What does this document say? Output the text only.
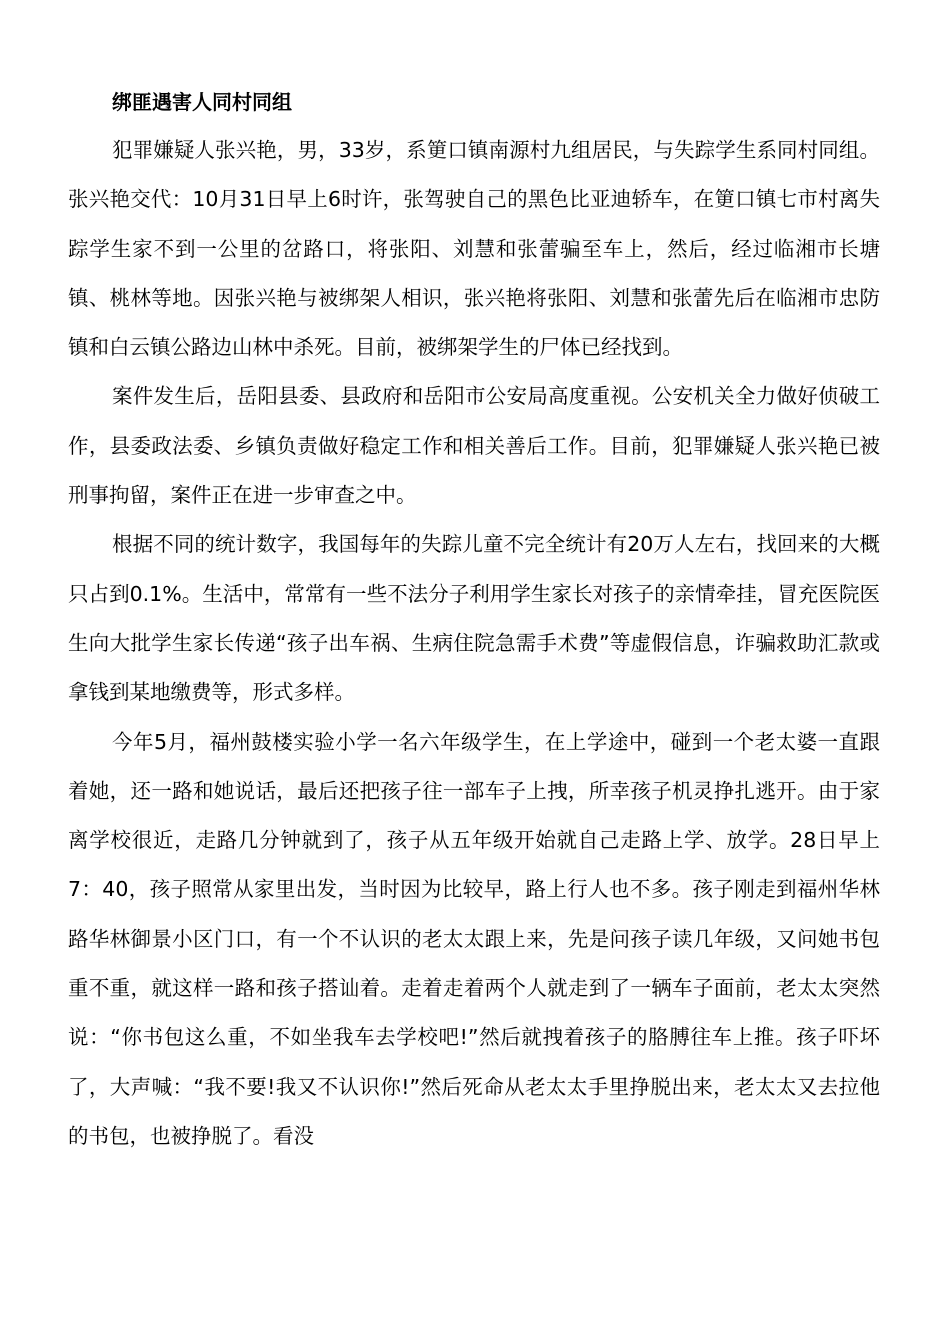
绑匪遇害人同村同组

犯罪嫌疑人张兴艳，男，33岁，系筻口镇南源村九组居民，与失踪学生系同村同组。张兴艳交代：10月31日早上6时许，张驾驶自己的黑色比亚迪轿车，在筻口镇七市村离失踪学生家不到一公里的岔路口，将张阳、刘慧和张蕾骗至车上，然后，经过临湘市长塘镇、桃林等地。因张兴艳与被绑架人相识，张兴艳将张阳、刘慧和张蕾先后在临湘市忠防镇和白云镇公路边山林中杀死。目前，被绑架学生的尸体已经找到。

案件发生后，岳阳县委、县政府和岳阳市公安局高度重视。公安机关全力做好侦破工作，县委政法委、乡镇负责做好稳定工作和相关善后工作。目前，犯罪嫌疑人张兴艳已被刑事拘留，案件正在进一步审查之中。

根据不同的统计数字，我国每年的失踪儿童不完全统计有20万人左右，找回来的大概只占到0.1%。生活中，常常有一些不法分子利用学生家长对孩子的亲情牵挂，冒充医院医生向大批学生家长传递“孩子出车祸、生病住院急需手术费”等虚假信息，诈骗救助汇款或拿钱到某地缴费等，形式多样。

今年5月，福州鼓楼实验小学一名六年级学生，在上学途中，碰到一个老太婆一直跟着她，还一路和她说话，最后还把孩子往一部车子上拽，所幸孩子机灵挣扎逃开。由于家离学校很近，走路几分钟就到了，孩子从五年级开始就自己走路上学、放学。28日早上7：40，孩子照常从家里出发，当时因为比较早，路上行人也不多。孩子刚走到福州华林路华林御景小区门口，有一个不认识的老太太跟上来，先是问孩子读几年级，又问她书包重不重，就这样一路和孩子搭讪着。走着走着两个人就走到了一辆车子面前，老太太突然说：“你书包这么重，不如坐我车去学校吧!”然后就拽着孩子的胳膊往车上推。孩子吓坏了，大声喊：“我不要!我又不认识你!”然后死命从老太太手里挣脱出来，老太太又去拉他的书包，也被挣脱了。看没
